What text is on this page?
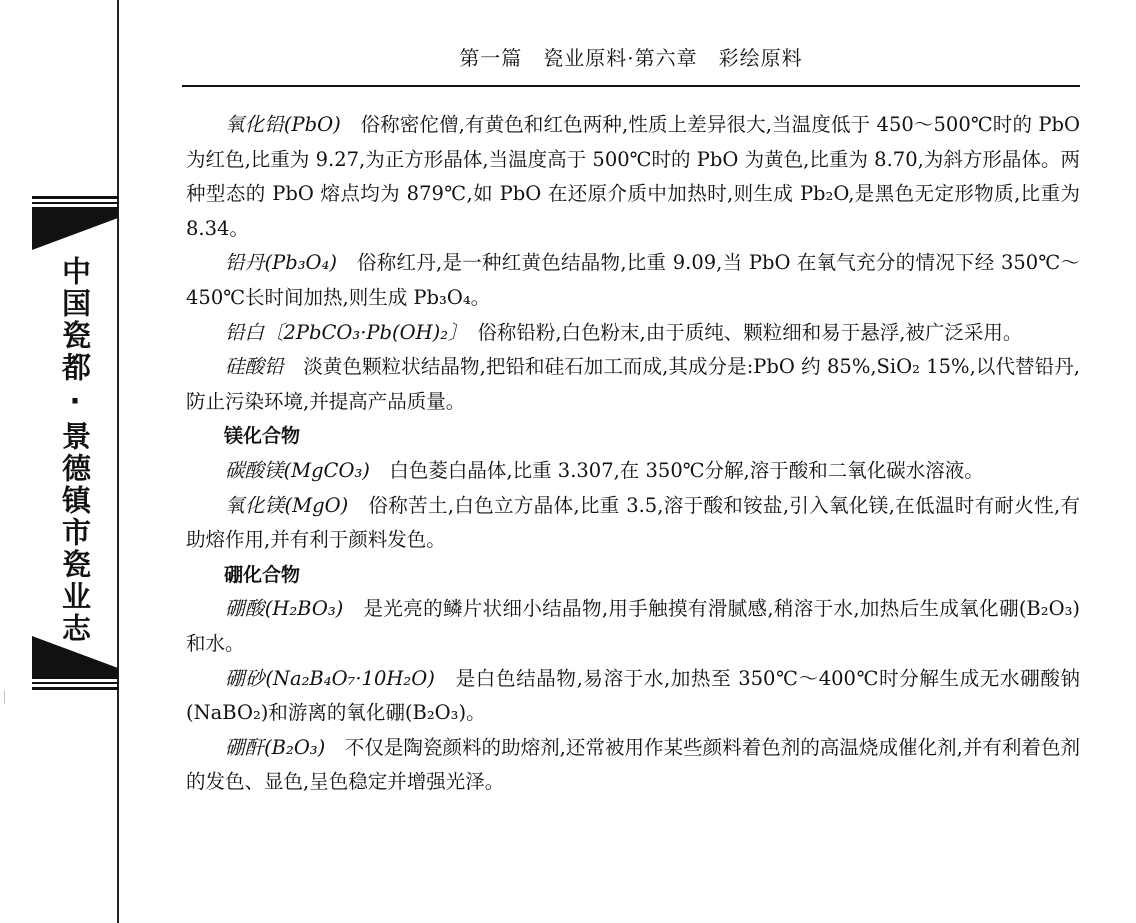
第一篇　瓷业原料·第六章　彩绘原料
中国瓷都·景德镇市瓷业志

氧化铅(PbO)　俗称密佗僧,有黄色和红色两种,性质上差异很大,当温度低于 450～500℃时的 PbO 为红色,比重为 9.27,为正方形晶体,当温度高于 500℃时的 PbO 为黄色,比重为 8.70,为斜方形晶体。两种型态的 PbO 熔点均为 879℃,如 PbO 在还原介质中加热时,则生成 Pb₂O,是黑色无定形物质,比重为 8.34。

铅丹(Pb₃O₄)　俗称红丹,是一种红黄色结晶物,比重 9.09,当 PbO 在氧气充分的情况下经 350℃～450℃长时间加热,则生成 Pb₃O₄。

铅白〔2PbCO₃·Pb(OH)₂〕　俗称铅粉,白色粉末,由于质纯、颗粒细和易于悬浮,被广泛采用。

硅酸铅　淡黄色颗粒状结晶物,把铅和硅石加工而成,其成分是:PbO 约 85%,SiO₂ 15%,以代替铅丹,防止污染环境,并提高产品质量。

镁化合物

碳酸镁(MgCO₃)　白色菱白晶体,比重 3.307,在 350℃分解,溶于酸和二氧化碳水溶液。

氧化镁(MgO)　俗称苦土,白色立方晶体,比重 3.5,溶于酸和铵盐,引入氧化镁,在低温时有耐火性,有助熔作用,并有利于颜料发色。

硼化合物

硼酸(H₂BO₃)　是光亮的鳞片状细小结晶物,用手触摸有滑腻感,稍溶于水,加热后生成氧化硼(B₂O₃)和水。

硼砂(Na₂B₄O₇·10H₂O)　是白色结晶物,易溶于水,加热至 350℃～400℃时分解生成无水硼酸钠(NaBO₂)和游离的氧化硼(B₂O₃)。

硼酐(B₂O₃)　不仅是陶瓷颜料的助熔剂,还常被用作某些颜料着色剂的高温烧成催化剂,并有利着色剂的发色、显色,呈色稳定并增强光泽。
